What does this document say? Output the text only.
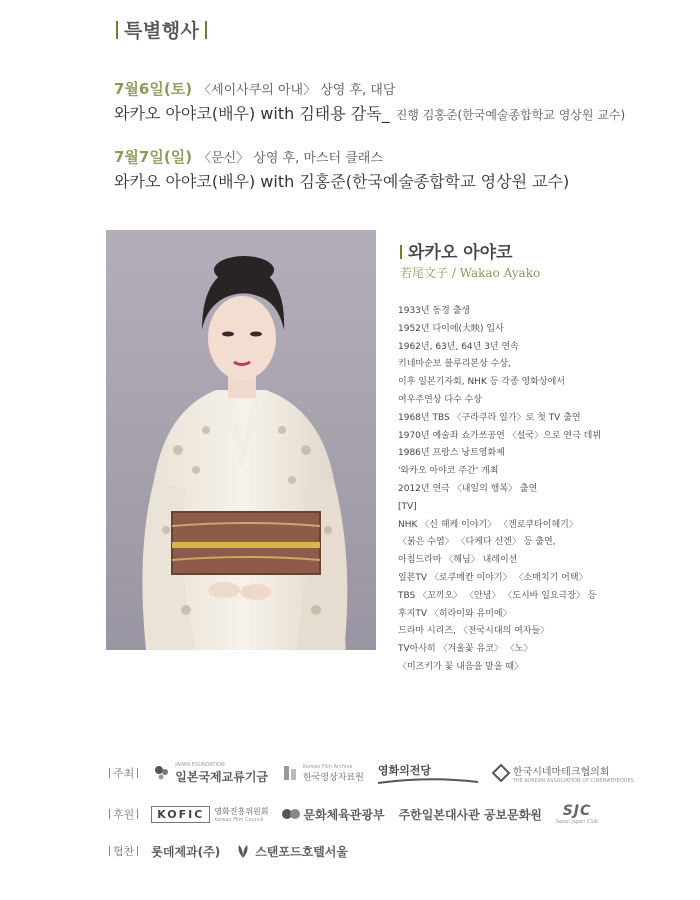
특별행사
7월6일(토) 〈세이사쿠의 아내〉 상영 후, 대담
와카오 아야코(배우) with 김태용 감독_ 진행 김홍준(한국예술종합학교 영상원 교수)
7월7일(일) 〈문신〉 상영 후, 마스터 클래스
와카오 아야코(배우) with 김홍준(한국예술종합학교 영상원 교수)
와카오 아야코
若尾文子 / Wakao Ayako
1933년 동경 출생
1952년 다이에(大映) 입사
1962년, 63년, 64년 3년 연속
키네마순보 블루리본상 수상,
이후 일본기자회, NHK 등 각종 영화상에서
여우주연상 다수 수상
1968년 TBS 〈구라쿠라 일가〉로 첫 TV 출연
1970년 예술좌 쇼가쓰공연 〈설국〉으로 연극 데뷔
1986년 프랑스 낭트영화제
'와카오 아야코 주간' 개최
2012년 연극 〈내일의 행복〉 출연
[TV]
NHK 〈신 헤케 이야기〉 〈겐로쿠타이헤기〉
〈붉은 수염〉 〈다케다 신겐〉 등 출연,
아침드라마 〈해님〉 내레이션
일본TV 〈로쿠메칸 이야기〉 〈소매치기 어택〉
TBS 〈꼬끼오〉 〈안녕〉 〈도시바 일요극장〉 등
후지TV 〈히라이와 유미에〉
드라마 시리즈, 〈전국시대의 여자들〉
TV아사히 〈겨울꽃 유코〉 〈노〉
〈미즈키가 꽃 내음을 맡을 때〉
주최
JAPAN FOUNDATION
일본국제교류기금
Korean Film Archive
한국영상자료원
영화의전당	한국시네마테크협의회
THE KOREAN ASSOCIATION OF CINEMATHEQUES
후원	KOFIC	영화진흥위원회
Korean Film Council	문화체육관광부 주한일본대사관 공보문화원 SJC
Seoul Japan Club
협찬	롯데제과(주)	스탠포드호텔서울
